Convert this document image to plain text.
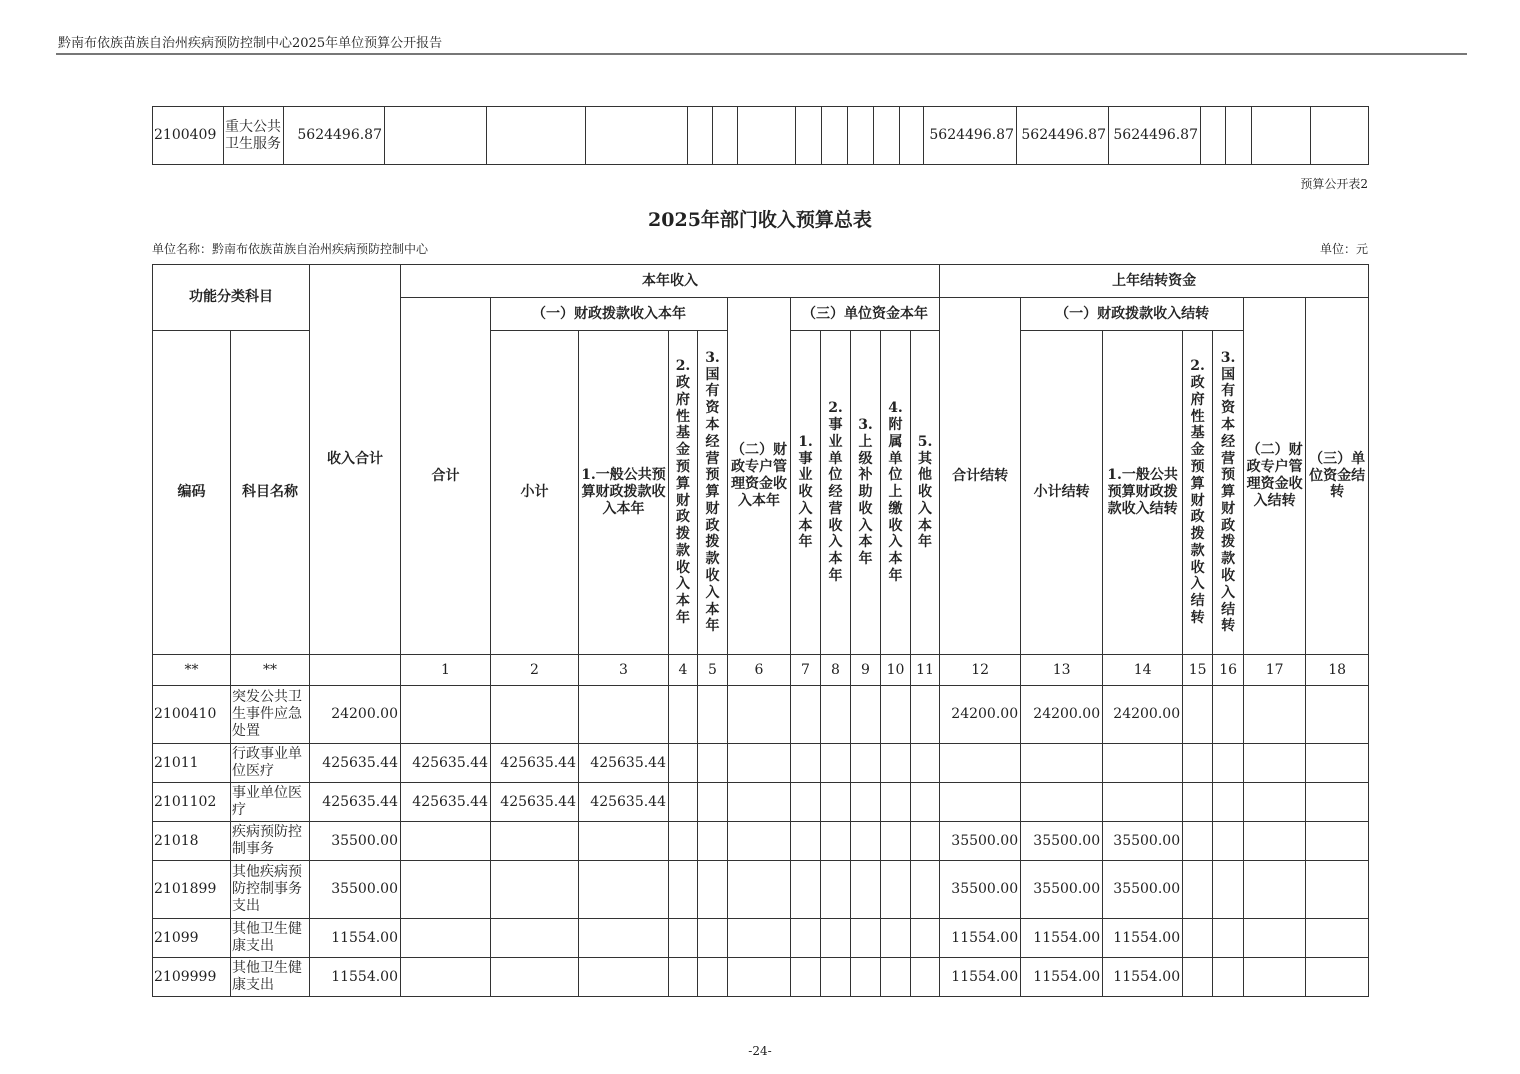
黔南布依族苗族自治州疾病预防控制中心2025年单位预算公开报告
2100409	重大公共卫生服务	5624496.87												5624496.87	5624496.87	5624496.87				
预算公开表2
2025年部门收入预算总表
单位名称：黔南布依族苗族自治州疾病预防控制中心	单位：元
功能分类科目		收入合计	本年收入											上年结转资金						
			合计	（一）财政拨款收入本年				（二）财政专户管理资金收入本年	（三）单位资金本年					合计结转	（一）财政拨款收入结转				（二）财政专户管理资金收入结转	（三）单位资金结转
编码	科目名称			小计	1.一般公共预算财政拨款收入本年	2.政府性基金预算财政拨款收入本年	3.国有资本经营预算财政拨款收入本年		1.事业收入本年	2.事业单位经营收入本年	3.上级补助收入本年	4.附属单位上缴收入本年	5.其他收入本年		小计结转	1.一般公共预算财政拨款收入结转	2.政府性基金预算财政拨款收入结转	3.国有资本经营预算财政拨款收入结转		

**	**		1	2	3	4	5	6	7	8	9	10	11	12	13	14	15	16	17	18
2100410	突发公共卫生事件应急处置	24200.00												24200.00	24200.00	24200.00				
21011	行政事业单位医疗	425635.44	425635.44	425635.44	425635.44															
2101102	事业单位医疗	425635.44	425635.44	425635.44	425635.44															
21018	疾病预防控制事务	35500.00												35500.00	35500.00	35500.00				
2101899	其他疾病预防控制事务支出	35500.00												35500.00	35500.00	35500.00				
21099	其他卫生健康支出	11554.00												11554.00	11554.00	11554.00				
2109999	其他卫生健康支出	11554.00												11554.00	11554.00	11554.00				
-24-
